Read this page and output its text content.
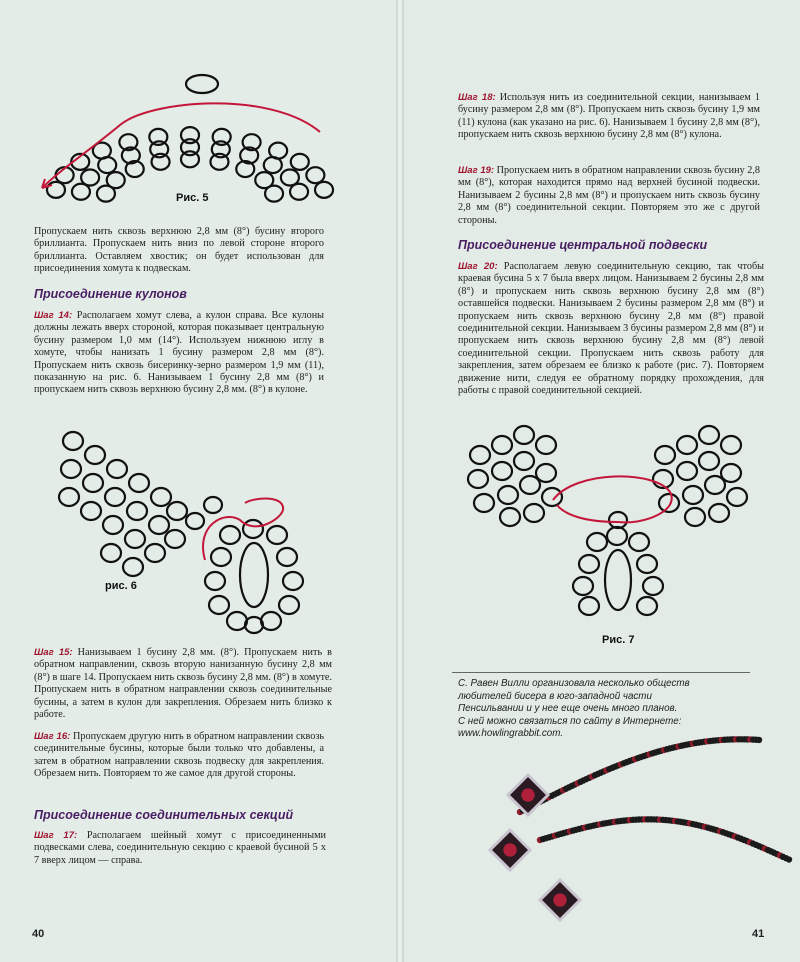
Рис. 5
Пропускаем нить сквозь верхнюю 2,8 мм (8°) бусину второго бриллианта. Пропускаем нить вниз по левой стороне второго бриллианта. Оставляем хвостик; он будет использован для присоединения хомута к подвескам.
Присоединение кулонов
Шаг 14: Располагаем хомут слева, а кулон справа. Все кулоны должны лежать вверх стороной, которая показывает центральную бусину размером 1,0 мм (14°). Используем нижнюю иглу в хомуте, чтобы нанизать 1 бусину размером 2,8 мм (8°). Пропускаем нить сквозь бисеринку-зерно размером 1,9 мм (11), показанную на рис. 6. Нанизываем 1 бусину 2,8 мм (8°) и пропускаем нить сквозь верхнюю бусину 2,8 мм. (8°) в кулоне.
рис. 6
Шаг 15: Нанизываем 1 бусину 2,8 мм. (8°). Пропускаем нить в обратном направлении, сквозь вторую нанизанную бусину 2,8 мм (8°) в шаге 14. Пропускаем нить сквозь бусину 2,8 мм. (8°) в хомуте. Пропускаем нить в обратном направлении сквозь соединительные бусины, а затем в кулон для закрепления. Обрезаем нить близко к работе.
Шаг 16: Пропускаем другую нить в обратном направлении сквозь соединительные бусины, которые были только что добавлены, а затем в обратном направлении сквозь подвеску для закрепления. Обрезаем нить. Повторяем то же самое для другой стороны.
Присоединение соединительных секций
Шаг 17: Располагаем шейный хомут с присоединенными подвесками слева, соединительную секцию с краевой бусиной 5 х 7 вверх лицом — справа.
40
Шаг 18: Используя нить из соединительной секции, нанизываем 1 бусину размером 2,8 мм (8°). Пропускаем нить сквозь бусину 1,9 мм (11) кулона (как указано на рис. 6). Нанизываем 1 бусину 2,8 мм (8°), пропускаем нить сквозь верхнюю бусину 2,8 мм (8°) кулона.
Шаг 19: Пропускаем нить в обратном направлении сквозь бусину 2,8 мм (8°), которая находится прямо над верхней бусиной подвески. Нанизываем 2 бусины 2,8 мм (8°) и пропускаем нить сквозь бусину 2,8 мм (8°) соединительной секции. Повторяем это же с другой стороны.
Присоединение центральной подвески
Шаг 20: Располагаем левую соединительную секцию, так чтобы краевая бусина 5 х 7 была вверх лицом. Нанизываем 2 бусины 2,8 мм (8°) и пропускаем нить сквозь верхнюю бусину 2,8 мм (8°) оставшейся подвески. Нанизываем 2 бусины размером 2,8 мм (8°) и пропускаем нить сквозь верхнюю бусину 2,8 мм (8°) правой соединительной секции. Нанизываем 3 бусины размером 2,8 мм (8°) и пропускаем нить сквозь верхнюю бусину 2,8 мм (8°) левой соединительной секции. Пропускаем нить сквозь работу для закрепления, затем обрезаем ее близко к работе (рис. 7). Повторяем движение нити, следуя ее обратному порядку прохождения, для работы с правой соединительной секцией.
Рис. 7
С. Равен Вилли организовала несколько обществ
любителей бисера в юго-западной части
Пенсильвании и у нее еще очень много планов.
С ней можно связаться по сайту в Интернете:
www.howlingrabbit.com.
41
